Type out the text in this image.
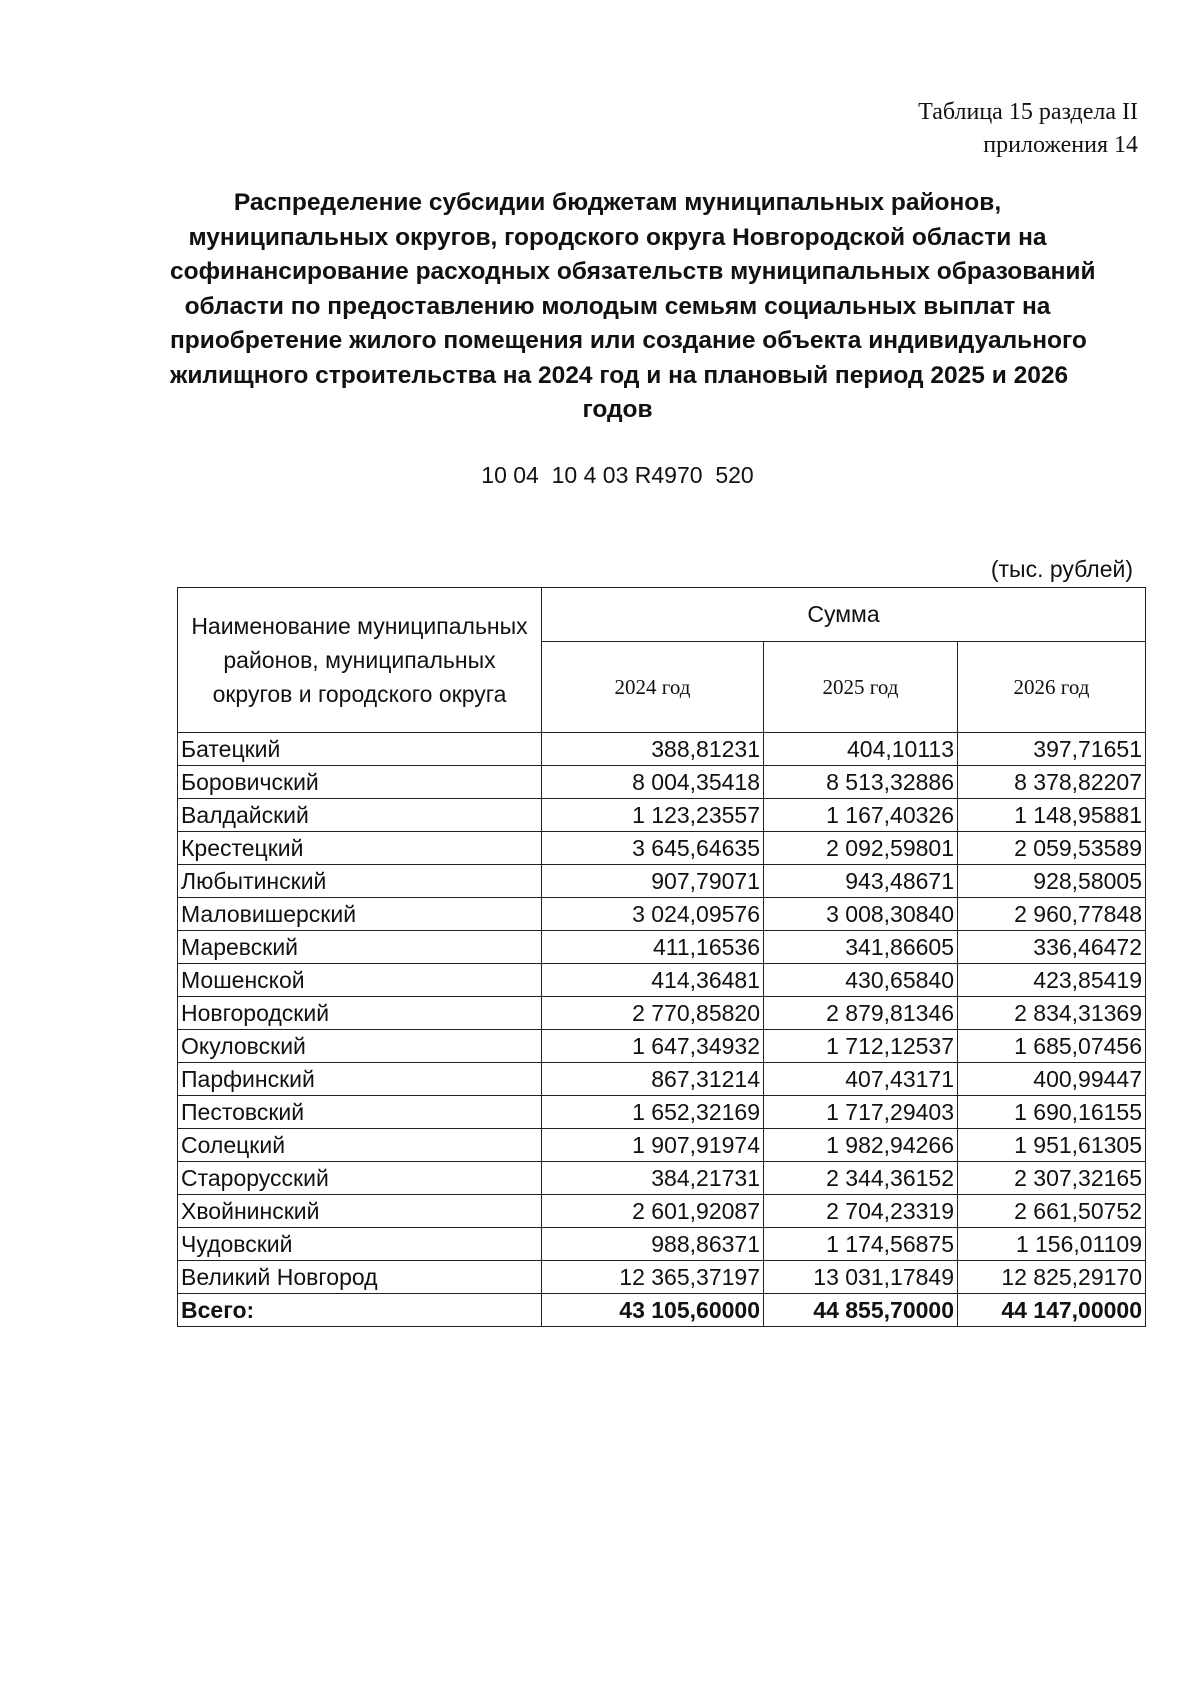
Таблица 15 раздела II
приложения 14
Распределение субсидии бюджетам муниципальных районов,
муниципальных округов, городского округа Новгородской области на
софинансирование расходных обязательств муниципальных образований
области по предоставлению молодым семьям социальных выплат на
приобретение жилого помещения или создание объекта индивидуального
жилищного строительства на 2024 год и на плановый период 2025 и 2026
годов
10 04  10 4 03 R4970  520
(тыс. рублей)
Наименование муниципальных районов, муниципальных округов и городского округа	Сумма		
	2024 год	2025 год	2026 год
Батецкий	388,81231	404,10113	397,71651
Боровичский	8 004,35418	8 513,32886	8 378,82207
Валдайский	1 123,23557	1 167,40326	1 148,95881
Крестецкий	3 645,64635	2 092,59801	2 059,53589
Любытинский	907,79071	943,48671	928,58005
Маловишерский	3 024,09576	3 008,30840	2 960,77848
Маревский	411,16536	341,86605	336,46472
Мошенской	414,36481	430,65840	423,85419
Новгородский	2 770,85820	2 879,81346	2 834,31369
Окуловский	1 647,34932	1 712,12537	1 685,07456
Парфинский	867,31214	407,43171	400,99447
Пестовский	1 652,32169	1 717,29403	1 690,16155
Солецкий	1 907,91974	1 982,94266	1 951,61305
Старорусский	384,21731	2 344,36152	2 307,32165
Хвойнинский	2 601,92087	2 704,23319	2 661,50752
Чудовский	988,86371	1 174,56875	1 156,01109
Великий Новгород	12 365,37197	13 031,17849	12 825,29170
Всего:	43 105,60000	44 855,70000	44 147,00000
